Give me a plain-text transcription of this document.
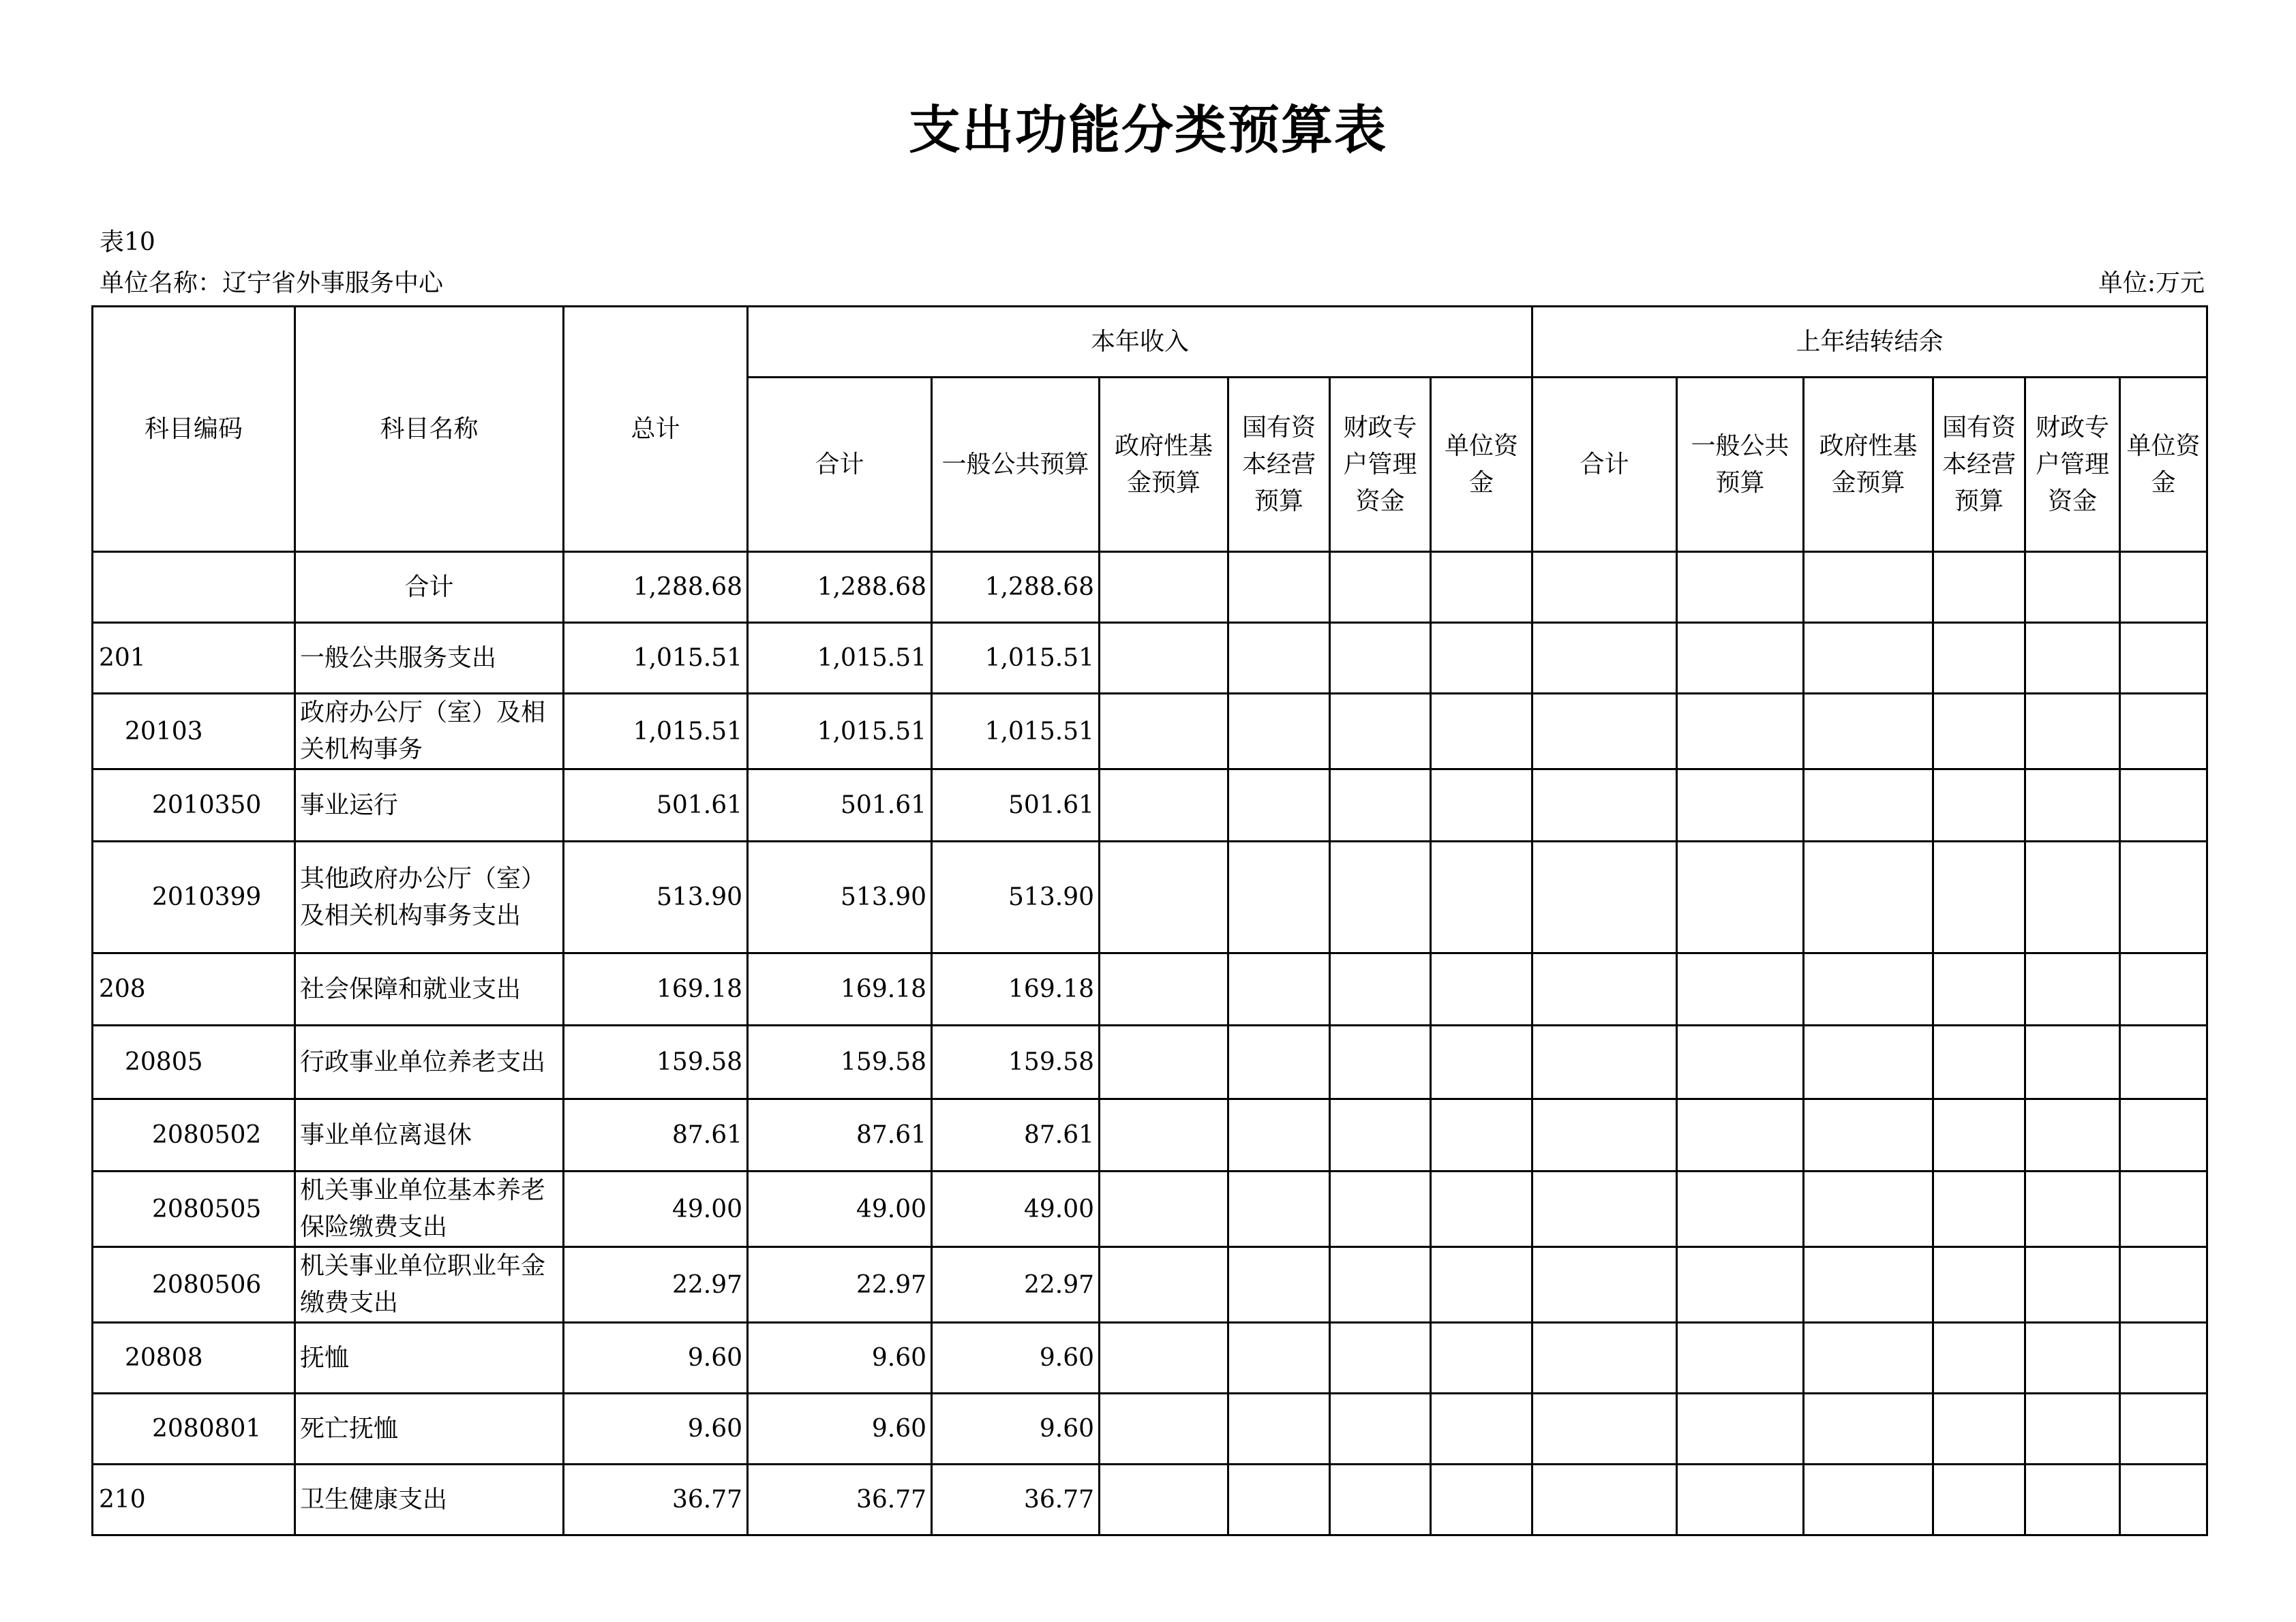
支出功能分类预算表
表10
单位名称：辽宁省外事服务中心	单位:万元
科目编码	科目名称	总计	本年收入						上年结转结余					
			合计	一般公共预算	政府性基金预算	国有资本经营预算	财政专户管理资金	单位资金	合计	一般公共预算	政府性基金预算	国有资本经营预算	财政专户管理资金	单位资金
	合计	1,288.68	1,288.68	1,288.68										
201	一般公共服务支出	1,015.51	1,015.51	1,015.51										
20103	政府办公厅（室）及相关机构事务	1,015.51	1,015.51	1,015.51										
2010350	事业运行	501.61	501.61	501.61										
2010399	其他政府办公厅（室）及相关机构事务支出	513.90	513.90	513.90										
208	社会保障和就业支出	169.18	169.18	169.18										
20805	行政事业单位养老支出	159.58	159.58	159.58										
2080502	事业单位离退休	87.61	87.61	87.61										
2080505	机关事业单位基本养老保险缴费支出	49.00	49.00	49.00										
2080506	机关事业单位职业年金缴费支出	22.97	22.97	22.97										
20808	抚恤	9.60	9.60	9.60										
2080801	死亡抚恤	9.60	9.60	9.60										
210	卫生健康支出	36.77	36.77	36.77										
